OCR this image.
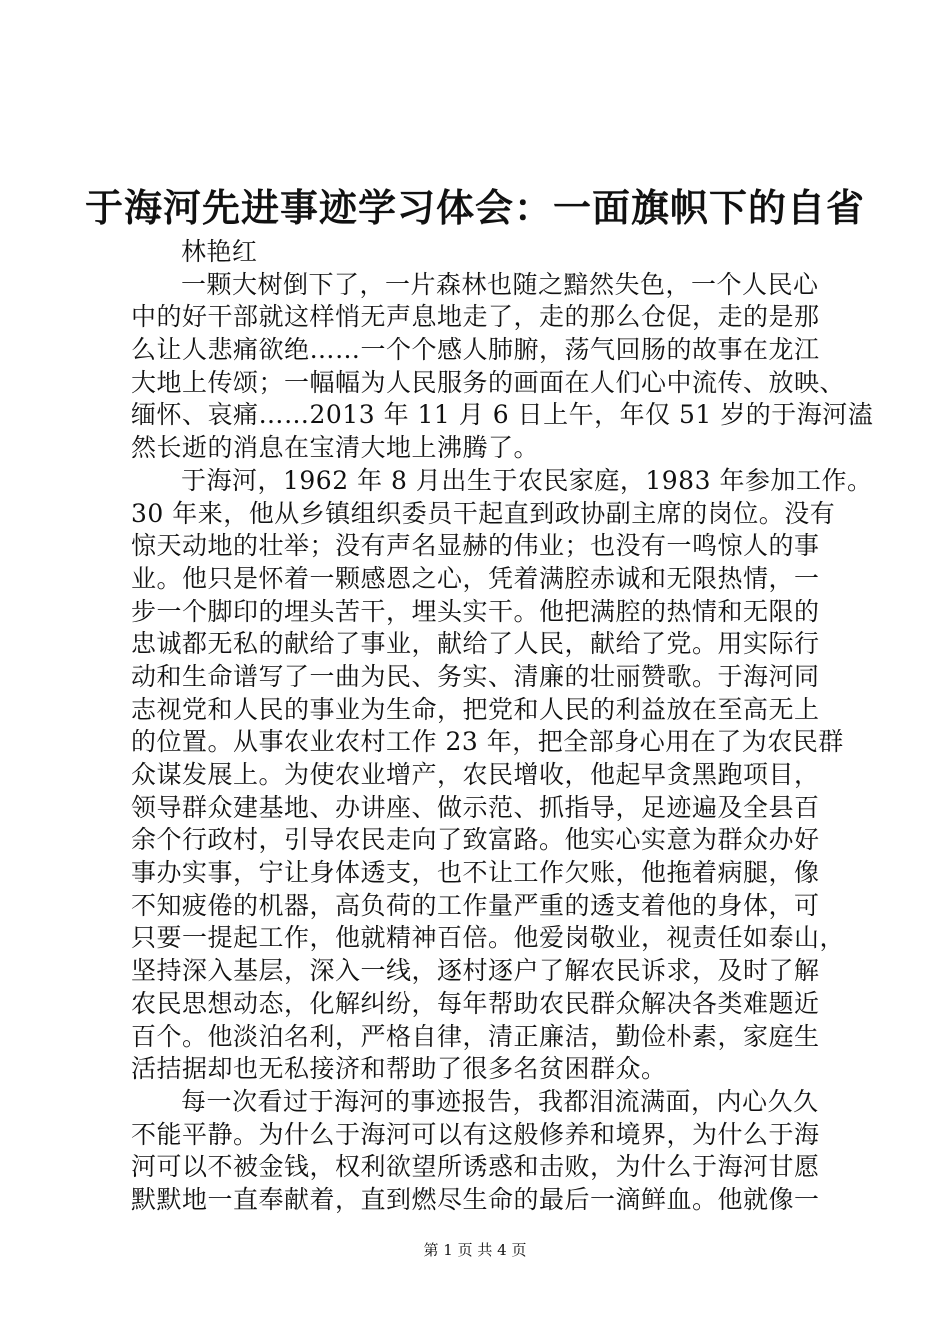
于海河先进事迹学习体会：一面旗帜下的自省
林艳红
一颗大树倒下了，一片森林也随之黯然失色，一个人民心
中的好干部就这样悄无声息地走了，走的那么仓促，走的是那
么让人悲痛欲绝……一个个感人肺腑，荡气回肠的故事在龙江
大地上传颂；一幅幅为人民服务的画面在人们心中流传、放映、
缅怀、哀痛……2013 年 11 月 6 日上午，年仅 51 岁的于海河溘
然长逝的消息在宝清大地上沸腾了。
于海河，1962 年 8 月出生于农民家庭，1983 年参加工作。
30 年来，他从乡镇组织委员干起直到政协副主席的岗位。没有
惊天动地的壮举；没有声名显赫的伟业；也没有一鸣惊人的事
业。他只是怀着一颗感恩之心，凭着满腔赤诚和无限热情，一
步一个脚印的埋头苦干，埋头实干。他把满腔的热情和无限的
忠诚都无私的献给了事业，献给了人民，献给了党。用实际行
动和生命谱写了一曲为民、务实、清廉的壮丽赞歌。于海河同
志视党和人民的事业为生命，把党和人民的利益放在至高无上
的位置。从事农业农村工作 23 年，把全部身心用在了为农民群
众谋发展上。为使农业增产，农民增收，他起早贪黑跑项目，
领导群众建基地、办讲座、做示范、抓指导，足迹遍及全县百
余个行政村，引导农民走向了致富路。他实心实意为群众办好
事办实事，宁让身体透支，也不让工作欠账，他拖着病腿，像
不知疲倦的机器，高负荷的工作量严重的透支着他的身体，可
只要一提起工作，他就精神百倍。他爱岗敬业，视责任如泰山，
坚持深入基层，深入一线，逐村逐户了解农民诉求，及时了解
农民思想动态，化解纠纷，每年帮助农民群众解决各类难题近
百个。他淡泊名利，严格自律，清正廉洁，勤俭朴素，家庭生
活拮据却也无私接济和帮助了很多名贫困群众。
每一次看过于海河的事迹报告，我都泪流满面，内心久久
不能平静。为什么于海河可以有这般修养和境界，为什么于海
河可以不被金钱，权利欲望所诱惑和击败，为什么于海河甘愿
默默地一直奉献着，直到燃尽生命的最后一滴鲜血。他就像一
第 1 页 共 4 页
